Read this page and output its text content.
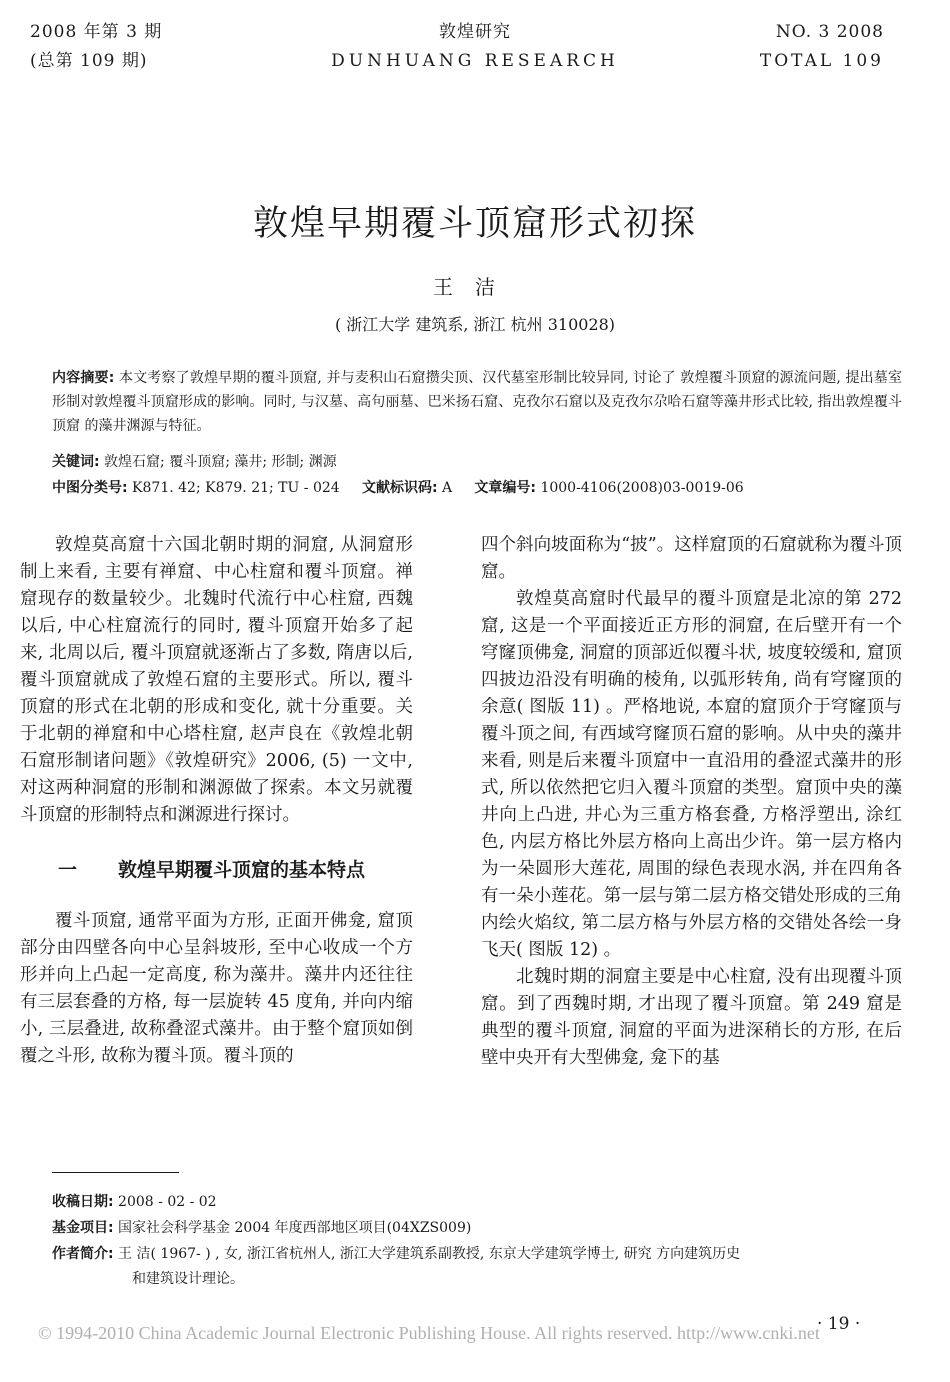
2008 年第 3 期
(总第 109 期)
敦煌研究
DUNHUANG RESEARCH
NO. 3 2008
TOTAL 109
敦煌早期覆斗顶窟形式初探
王洁
( 浙江大学 建筑系, 浙江 杭州 310028)
内容摘要: 本文考察了敦煌早期的覆斗顶窟, 并与麦积山石窟攒尖顶、汉代墓室形制比较异同, 讨论了 敦煌覆斗顶窟的源流问题, 提出墓室形制对敦煌覆斗顶窟形成的影响。同时, 与汉墓、高句丽墓、巴米扬石窟、克孜尔石窟以及克孜尔尕哈石窟等藻井形式比较, 指出敦煌覆斗顶窟 的藻井渊源与特征。
关键词: 敦煌石窟; 覆斗顶窟; 藻井; 形制; 渊源
中图分类号: K871. 42; K879. 21; TU - 024 文献标识码: A 文章编号: 1000-4106(2008)03-0019-06

敦煌莫高窟十六国北朝时期的洞窟, 从洞窟形制上来看, 主要有禅窟、中心柱窟和覆斗顶窟。禅窟现存的数量较少。北魏时代流行中心柱窟, 西魏以后, 中心柱窟流行的同时, 覆斗顶窟开始多了起来, 北周以后, 覆斗顶窟就逐渐占了多数, 隋唐以后, 覆斗顶窟就成了敦煌石窟的主要形式。所以, 覆斗顶窟的形式在北朝的形成和变化, 就十分重要。关于北朝的禅窟和中心塔柱窟, 赵声良在《敦煌北朝石窟形制诸问题》《敦煌研究》2006, (5) 一文中, 对这两种洞窟的形制和渊源做了探索。本文另就覆斗顶窟的形制特点和渊源进行探讨。

一 敦煌早期覆斗顶窟的基本特点

覆斗顶窟, 通常平面为方形, 正面开佛龛, 窟顶部分由四壁各向中心呈斜坡形, 至中心收成一个方形并向上凸起一定高度, 称为藻井。藻井内还往往有三层套叠的方格, 每一层旋转 45 度角, 并向内缩小, 三层叠进, 故称叠涩式藻井。由于整个窟顶如倒覆之斗形, 故称为覆斗顶。覆斗顶的

四个斜向坡面称为“披”。这样窟顶的石窟就称为覆斗顶窟。

敦煌莫高窟时代最早的覆斗顶窟是北凉的第 272 窟, 这是一个平面接近正方形的洞窟, 在后壁开有一个穹窿顶佛龛, 洞窟的顶部近似覆斗状, 坡度较缓和, 窟顶四披边沿没有明确的棱角, 以弧形转角, 尚有穹窿顶的余意( 图版 11) 。严格地说, 本窟的窟顶介于穹窿顶与覆斗顶之间, 有西域穹窿顶石窟的影响。从中央的藻井来看, 则是后来覆斗顶窟中一直沿用的叠涩式藻井的形式, 所以依然把它归入覆斗顶窟的类型。窟顶中央的藻井向上凸进, 井心为三重方格套叠, 方格浮塑出, 涂红色, 内层方格比外层方格向上高出少许。第一层方格内为一朵圆形大莲花, 周围的绿色表现水涡, 并在四角各有一朵小莲花。第一层与第二层方格交错处形成的三角内绘火焰纹, 第二层方格与外层方格的交错处各绘一身飞天( 图版 12) 。

北魏时期的洞窟主要是中心柱窟, 没有出现覆斗顶窟。到了西魏时期, 才出现了覆斗顶窟。第 249 窟是典型的覆斗顶窟, 洞窟的平面为进深稍长的方形, 在后壁中央开有大型佛龛, 龛下的基

收稿日期: 2008 - 02 - 02
基金项目: 国家社会科学基金 2004 年度西部地区项目(04XZS009)
作者简介: 王 洁( 1967- ) , 女, 浙江省杭州人, 浙江大学建筑系副教授, 东京大学建筑学博士, 研究 方向建筑历史
和建筑设计理论。
· 19 ·
© 1994-2010 China Academic Journal Electronic Publishing House. All rights reserved. http://www.cnki.net
